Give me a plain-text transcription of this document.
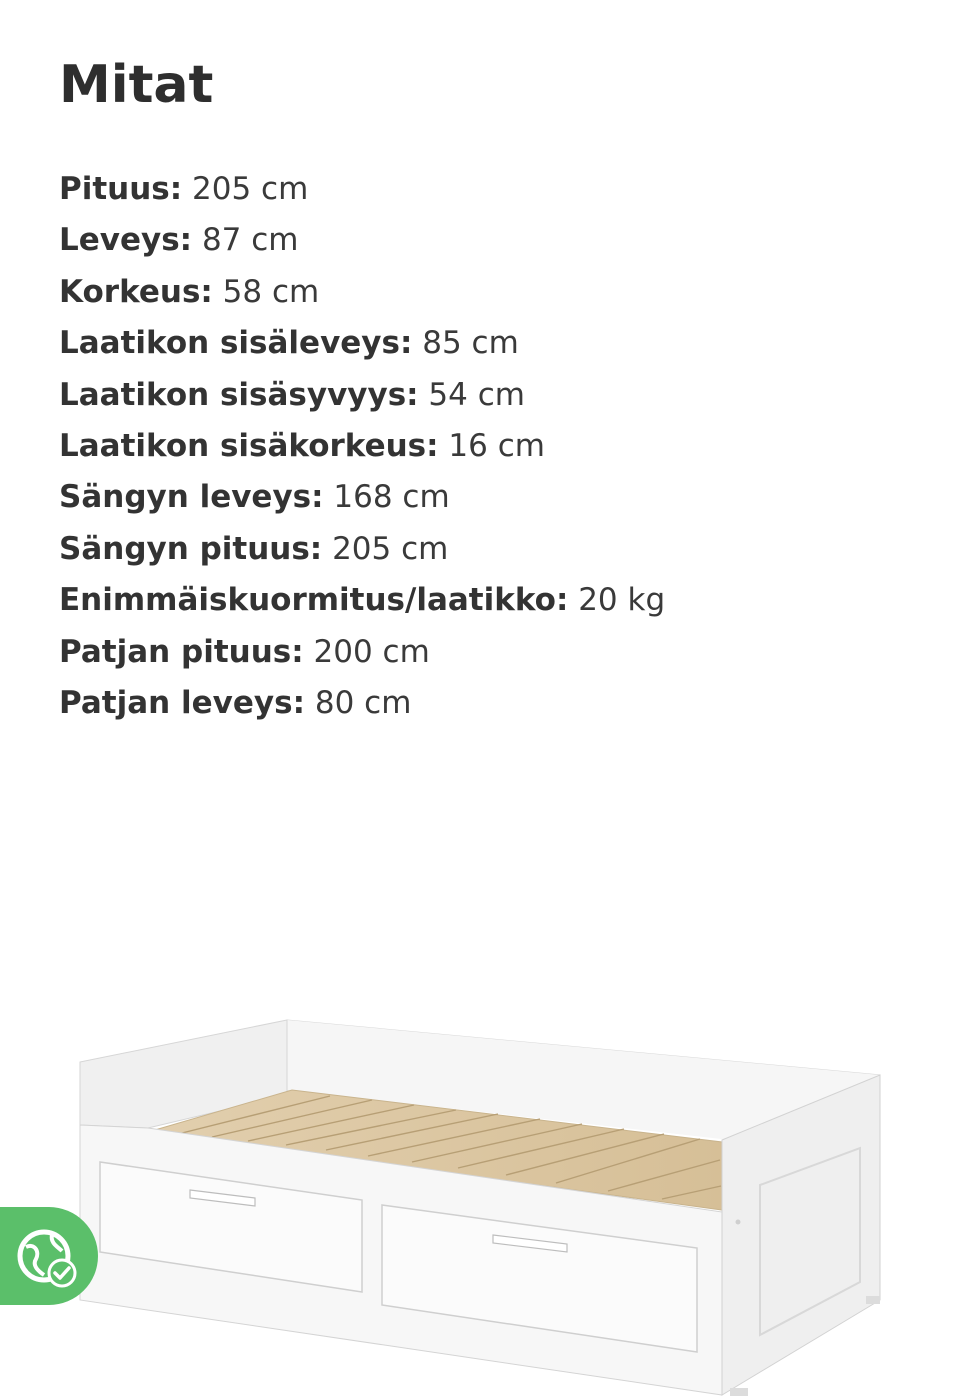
Mitat
Pituus: 205 cm
Leveys: 87 cm
Korkeus: 58 cm
Laatikon sisäleveys: 85 cm
Laatikon sisäsyvyys: 54 cm
Laatikon sisäkorkeus: 16 cm
Sängyn leveys: 168 cm
Sängyn pituus: 205 cm
Enimmäiskuormitus/laatikko: 20 kg
Patjan pituus: 200 cm
Patjan leveys: 80 cm
